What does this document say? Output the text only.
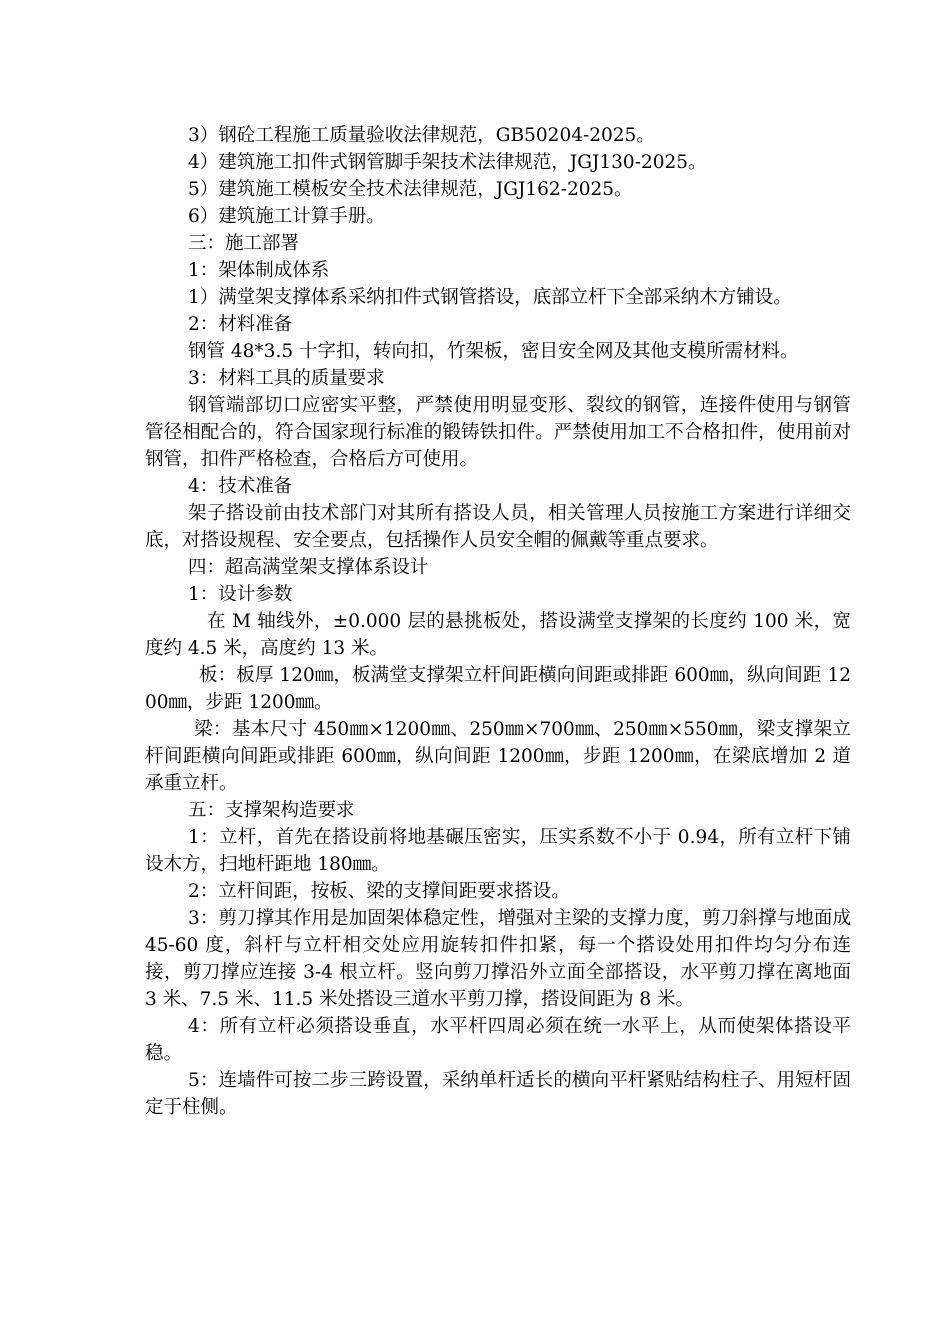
3）钢砼工程施工质量验收法律规范，GB50204-2025。

4）建筑施工扣件式钢管脚手架技术法律规范，JGJ130-2025。

5）建筑施工模板安全技术法律规范，JGJ162-2025。

6）建筑施工计算手册。

三：施工部署

1：架体制成体系

1）满堂架支撑体系采纳扣件式钢管搭设，底部立杆下全部采纳木方铺设。

2：材料准备

钢管 48*3.5 十字扣，转向扣，竹架板，密目安全网及其他支模所需材料。

3：材料工具的质量要求

钢管端部切口应密实平整，严禁使用明显变形、裂纹的钢管，连接件使用与钢管管径相配合的，符合国家现行标准的锻铸铁扣件。严禁使用加工不合格扣件，使用前对钢管，扣件严格检查，合格后方可使用。

4：技术准备

架子搭设前由技术部门对其所有搭设人员，相关管理人员按施工方案进行详细交底，对搭设规程、安全要点，包括操作人员安全帽的佩戴等重点要求。

四：超高满堂架支撑体系设计

1：设计参数

在 M 轴线外，±0.000 层的悬挑板处，搭设满堂支撑架的长度约 100 米，宽度约 4.5 米，高度约 13 米。

板：板厚 120㎜，板满堂支撑架立杆间距横向间距或排距 600㎜，纵向间距 1200㎜，步距 1200㎜。

梁：基本尺寸 450㎜×1200㎜、250㎜×700㎜、250㎜×550㎜，梁支撑架立杆间距横向间距或排距 600㎜，纵向间距 1200㎜，步距 1200㎜，在梁底增加 2 道承重立杆。

五：支撑架构造要求

1：立杆，首先在搭设前将地基碾压密实，压实系数不小于 0.94，所有立杆下铺设木方，扫地杆距地 180㎜。

2：立杆间距，按板、梁的支撑间距要求搭设。

3：剪刀撑其作用是加固架体稳定性，增强对主梁的支撑力度，剪刀斜撑与地面成 45-60 度，斜杆与立杆相交处应用旋转扣件扣紧，每一个搭设处用扣件均匀分布连接，剪刀撑应连接 3-4 根立杆。竖向剪刀撑沿外立面全部搭设，水平剪刀撑在离地面 3 米、7.5 米、11.5 米处搭设三道水平剪刀撑，搭设间距为 8 米。

4：所有立杆必须搭设垂直，水平杆四周必须在统一水平上，从而使架体搭设平稳。

5：连墙件可按二步三跨设置，采纳单杆适长的横向平杆紧贴结构柱子、用短杆固定于柱侧。
